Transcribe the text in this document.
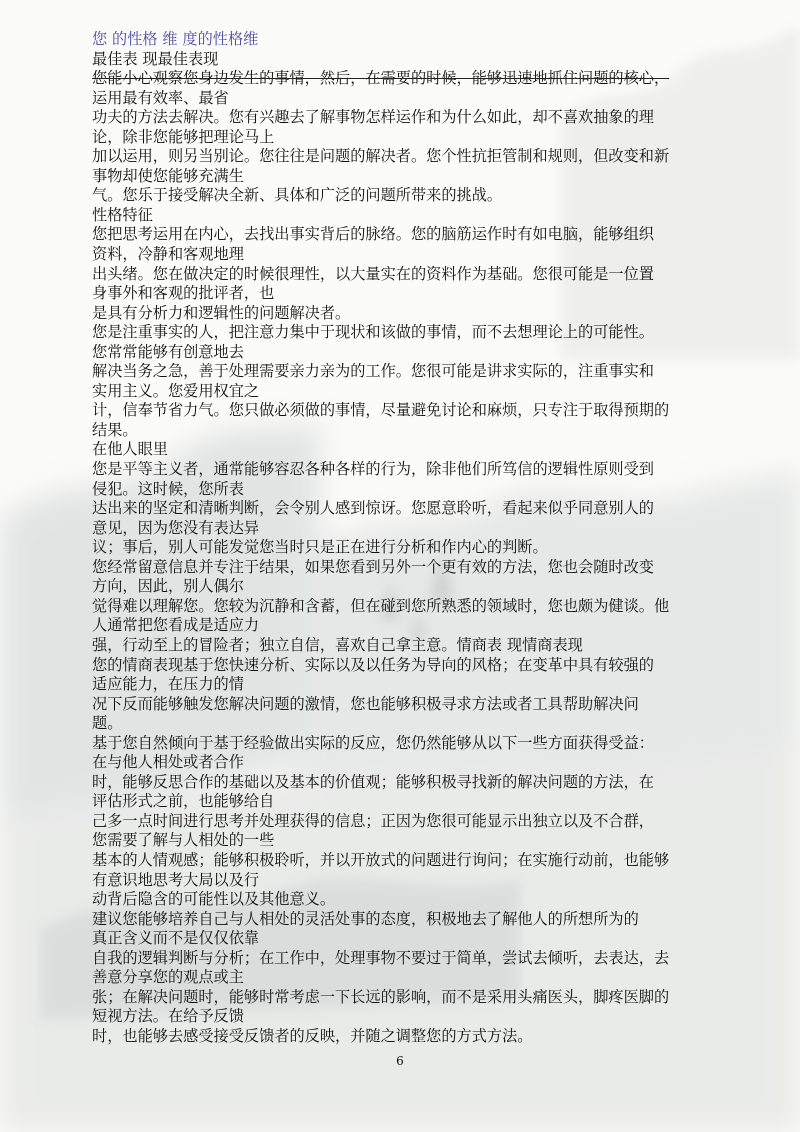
您 的性格 维 度的性格维
最佳表 现最佳表现
您能小心观察您身边发生的事情，然后，在需要的时候，能够迅速地抓住问题的核心，
运用最有效率、最省
功夫的方法去解决。您有兴趣去了解事物怎样运作和为什么如此，却不喜欢抽象的理
论，除非您能够把理论马上
加以运用，则另当别论。您往往是问题的解决者。您个性抗拒管制和规则，但改变和新
事物却使您能够充满生
气。您乐于接受解决全新、具体和广泛的问题所带来的挑战。
性格特征
您把思考运用在内心，去找出事实背后的脉络。您的脑筋运作时有如电脑，能够组织
资料，冷静和客观地理
出头绪。您在做决定的时候很理性，以大量实在的资料作为基础。您很可能是一位置
身事外和客观的批评者，也
是具有分析力和逻辑性的问题解决者。
您是注重事实的人，把注意力集中于现状和该做的事情，而不去想理论上的可能性。
您常常能够有创意地去
解决当务之急，善于处理需要亲力亲为的工作。您很可能是讲求实际的，注重事实和
实用主义。您爱用权宜之
计，信奉节省力气。您只做必须做的事情，尽量避免讨论和麻烦，只专注于取得预期的
结果。
在他人眼里
您是平等主义者，通常能够容忍各种各样的行为，除非他们所笃信的逻辑性原则受到
侵犯。这时候，您所表
达出来的坚定和清晰判断，会令别人感到惊讶。您愿意聆听，看起来似乎同意别人的
意见，因为您没有表达异
议；事后，别人可能发觉您当时只是正在进行分析和作内心的判断。
您经常留意信息并专注于结果，如果您看到另外一个更有效的方法，您也会随时改变
方向，因此，别人偶尔
觉得难以理解您。您较为沉静和含蓄，但在碰到您所熟悉的领域时，您也颇为健谈。他
人通常把您看成是适应力
强，行动至上的冒险者；独立自信，喜欢自己拿主意。情商表 现情商表现
您的情商表现基于您快速分析、实际以及以任务为导向的风格；在变革中具有较强的
适应能力，在压力的情
况下反而能够触发您解决问题的激情，您也能够积极寻求方法或者工具帮助解决问
题。
基于您自然倾向于基于经验做出实际的反应，您仍然能够从以下一些方面获得受益：
在与他人相处或者合作
时，能够反思合作的基础以及基本的价值观；能够积极寻找新的解决问题的方法，在
评估形式之前，也能够给自
己多一点时间进行思考并处理获得的信息；正因为您很可能显示出独立以及不合群，
您需要了解与人相处的一些
基本的人情观感；能够积极聆听，并以开放式的问题进行询问；在实施行动前，也能够
有意识地思考大局以及行
动背后隐含的可能性以及其他意义。
建议您能够培养自己与人相处的灵活处事的态度，积极地去了解他人的所想所为的
真正含义而不是仅仅依靠
自我的逻辑判断与分析；在工作中，处理事物不要过于简单，尝试去倾听，去表达，去
善意分享您的观点或主
张；在解决问题时，能够时常考虑一下长远的影响，而不是采用头痛医头，脚疼医脚的
短视方法。在给予反馈
时，也能够去感受接受反馈者的反映，并随之调整您的方式方法。
6
